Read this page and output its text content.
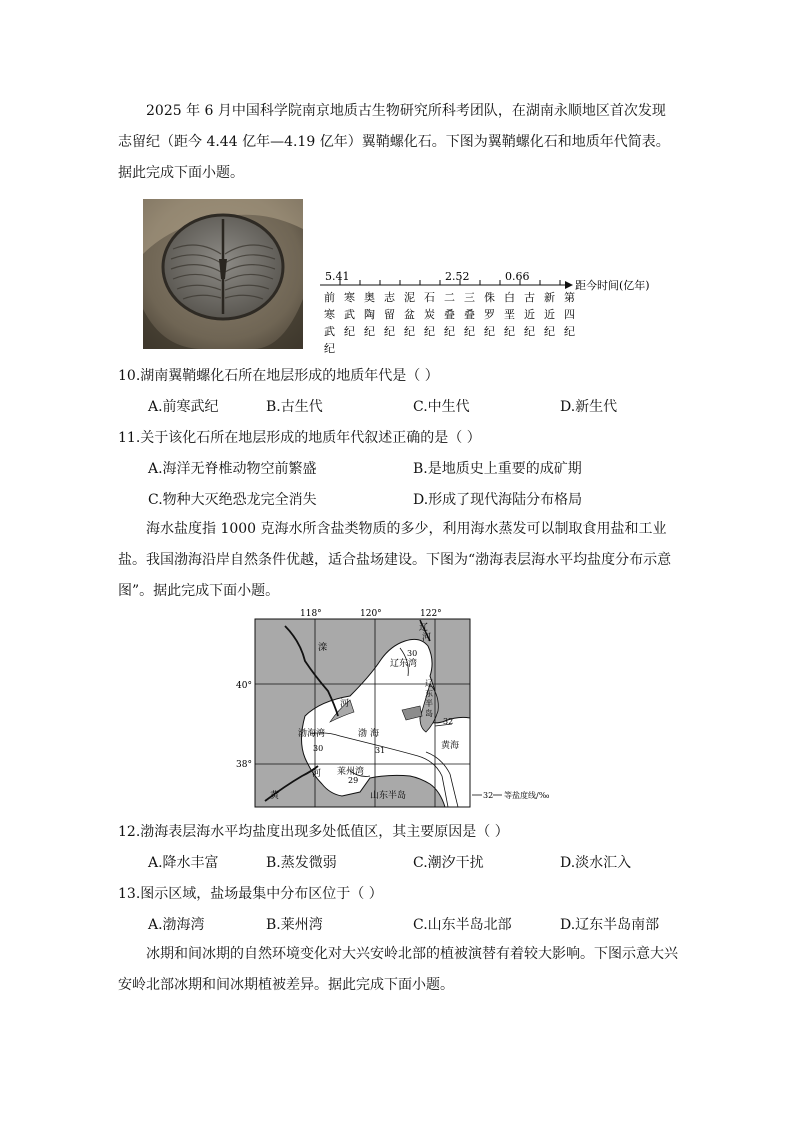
2025 年 6 月中国科学院南京地质古生物研究所科考团队，在湖南永顺地区首次发现志留纪（距今 4.44 亿年—4.19 亿年）翼鞘螺化石。下图为翼鞘螺化石和地质年代简表。据此完成下面小题。
5.41	2.52	0.66
距今时间(亿年)
前
寒
武
纪
寒
武
纪
奥
陶
纪
志
留
纪
泥
盆
纪
石
炭
纪
二
叠
纪
三
叠
纪
侏
罗
纪
白
垩
纪
古
近
纪
新
近
纪
第
四
纪
10.湖南翼鞘螺化石所在地层形成的地质年代是（ ）
A.前寒武纪	B.古生代	C.中生代	D.新生代
11.关于该化石所在地层形成的地质年代叙述正确的是（ ）
A.海洋无脊椎动物空前繁盛	B.是地质史上重要的成矿期
C.物种大灭绝恐龙完全消失	D.形成了现代海陆分布格局
海水盐度指 1000 克海水所含盐类物质的多少，利用海水蒸发可以制取食用盐和工业盐。我国渤海沿岸自然条件优越，适合盐场建设。下图为“渤海表层海水平均盐度分布示意图”。据此完成下面小题。
118°	120°	122°
40°
38°
滦
河
辽
河
辽东湾
渤海湾	渤 海
黄海
莱州湾
山东半岛
黄
河
辽
东
半
岛
30
32
30	31
29
32 等盐度线/‰
12.渤海表层海水平均盐度出现多处低值区，其主要原因是（ ）
A.降水丰富	B.蒸发微弱	C.潮汐干扰	D.淡水汇入
13.图示区域，盐场最集中分布区位于（ ）
A.渤海湾	B.莱州湾	C.山东半岛北部	D.辽东半岛南部
冰期和间冰期的自然环境变化对大兴安岭北部的植被演替有着较大影响。下图示意大兴安岭北部冰期和间冰期植被差异。据此完成下面小题。
